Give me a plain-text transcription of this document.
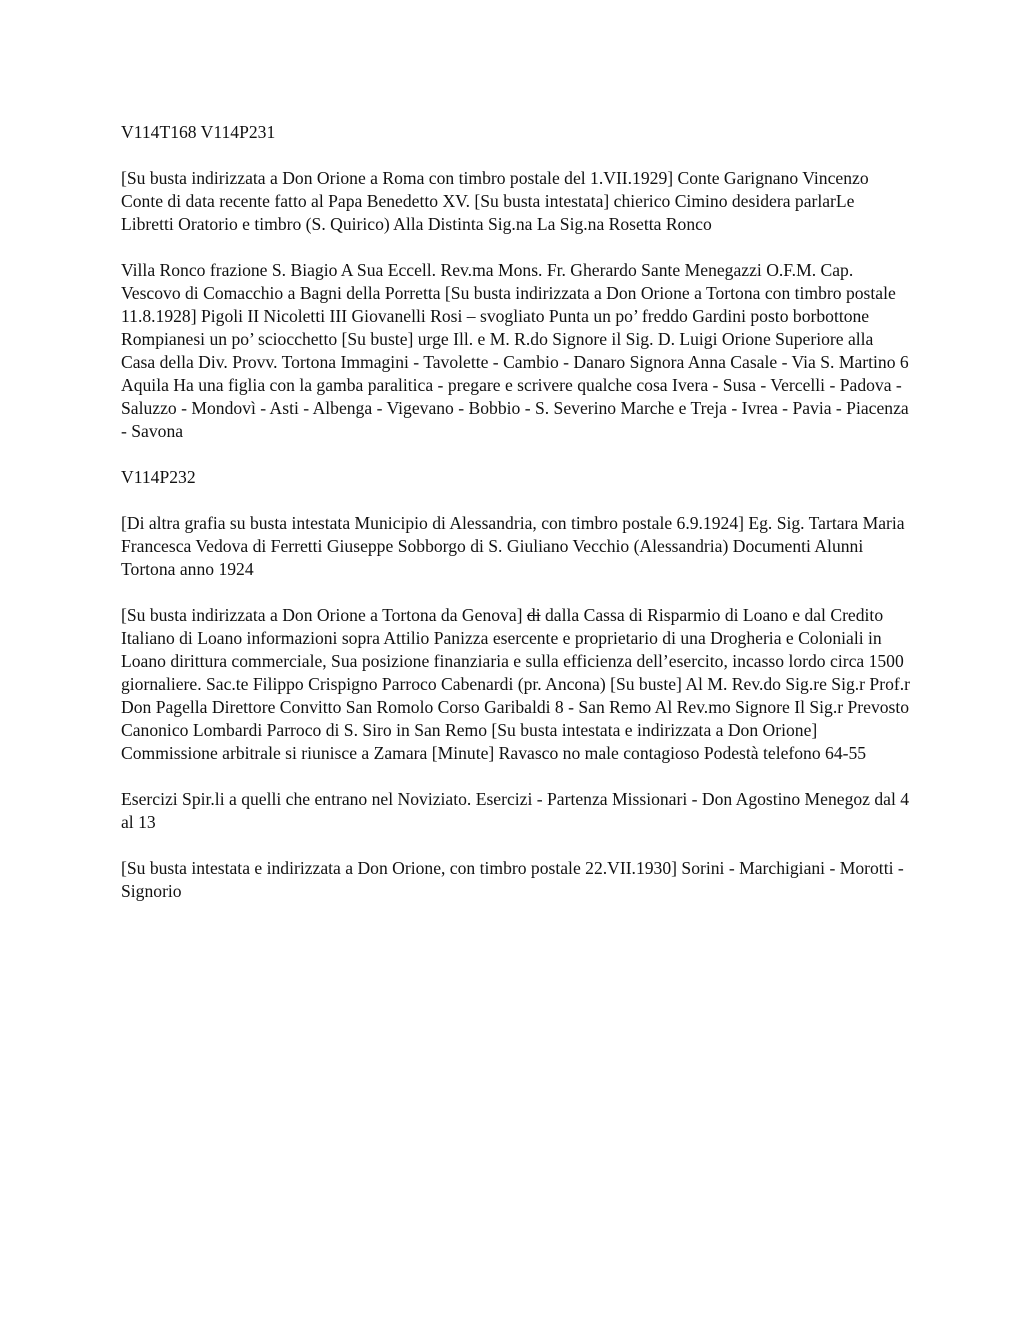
V114T168 V114P231

[Su busta indirizzata a Don Orione a Roma con timbro postale del 1.VII.1929] Conte Garignano Vincenzo Conte di data recente fatto al Papa Benedetto XV. [Su busta intestata] chierico Cimino desidera parlarLe Libretti Oratorio e timbro (S. Quirico) Alla Distinta Sig.na La Sig.na Rosetta Ronco

Villa Ronco frazione S. Biagio A Sua Eccell. Rev.ma Mons. Fr. Gherardo Sante Menegazzi O.F.M. Cap. Vescovo di Comacchio a Bagni della Porretta [Su busta indirizzata a Don Orione a Tortona con timbro postale 11.8.1928] Pigoli II Nicoletti III Giovanelli Rosi – svogliato Punta un po’ freddo Gardini posto borbottone Rompianesi un po’ sciocchetto [Su buste] urge Ill. e M. R.do Signore il Sig. D. Luigi Orione Superiore alla Casa della Div. Provv. Tortona Immagini - Tavolette - Cambio - Danaro Signora Anna Casale - Via S. Martino 6 Aquila Ha una figlia con la gamba paralitica - pregare e scrivere qualche cosa Ivera - Susa - Vercelli - Padova - Saluzzo - Mondovì - Asti - Albenga - Vigevano - Bobbio - S. Severino Marche e Treja - Ivrea - Pavia - Piacenza - Savona

V114P232

[Di altra grafia su busta intestata Municipio di Alessandria, con timbro postale 6.9.1924] Eg. Sig. Tartara Maria Francesca Vedova di Ferretti Giuseppe Sobborgo di S. Giuliano Vecchio (Alessandria) Documenti Alunni Tortona anno 1924

[Su busta indirizzata a Don Orione a Tortona da Genova] di dalla Cassa di Risparmio di Loano e dal Credito Italiano di Loano informazioni sopra Attilio Panizza esercente e proprietario di una Drogheria e Coloniali in Loano dirittura commerciale, Sua posizione finanziaria e sulla efficienza dell’esercito, incasso lordo circa 1500 giornaliere. Sac.te Filippo Crispigno Parroco Cabenardi (pr. Ancona) [Su buste] Al M. Rev.do Sig.re Sig.r Prof.r Don Pagella Direttore Convitto San Romolo Corso Garibaldi 8 - San Remo Al Rev.mo Signore Il Sig.r Prevosto Canonico Lombardi Parroco di S. Siro in San Remo [Su busta intestata e indirizzata a Don Orione] Commissione arbitrale si riunisce a Zamara [Minute] Ravasco no male contagioso Podestà telefono 64-55

Esercizi Spir.li a quelli che entrano nel Noviziato. Esercizi - Partenza Missionari - Don Agostino Menegoz dal 4 al 13

[Su busta intestata e indirizzata a Don Orione, con timbro postale 22.VII.1930] Sorini - Marchigiani - Morotti - Signorio
